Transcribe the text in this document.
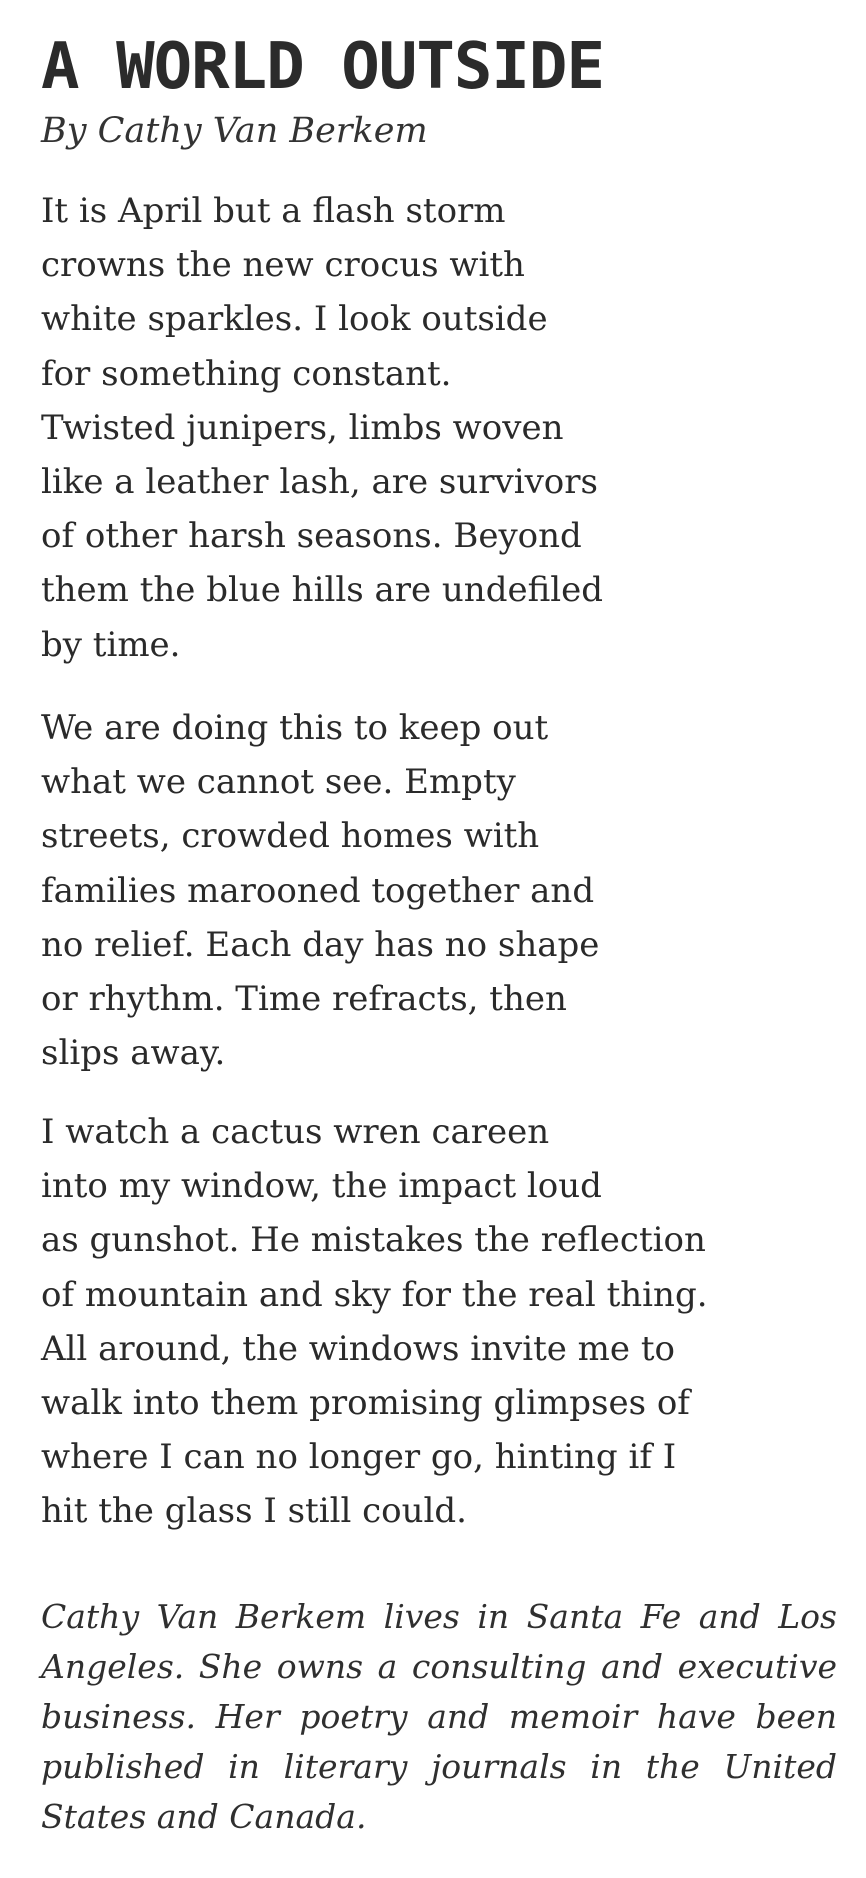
A WORLD OUTSIDE

By Cathy Van Berkem

It is April but a flash storm
crowns the new crocus with
white sparkles. I look outside
for something constant.
Twisted junipers, limbs woven
like a leather lash, are survivors
of other harsh seasons. Beyond
them the blue hills are undefiled
by time.

We are doing this to keep out
what we cannot see. Empty
streets, crowded homes with
families marooned together and
no relief. Each day has no shape
or rhythm. Time refracts, then
slips away.

I watch a cactus wren careen
into my window, the impact loud
as gunshot. He mistakes the reflection
of mountain and sky for the real thing.
All around, the windows invite me to
walk into them promising glimpses of
where I can no longer go, hinting if I
hit the glass I still could.

Cathy Van Berkem lives in Santa Fe and Los Angeles. She owns a consulting and executive business. Her poetry and memoir have been published in literary journals in the United States and Canada.
